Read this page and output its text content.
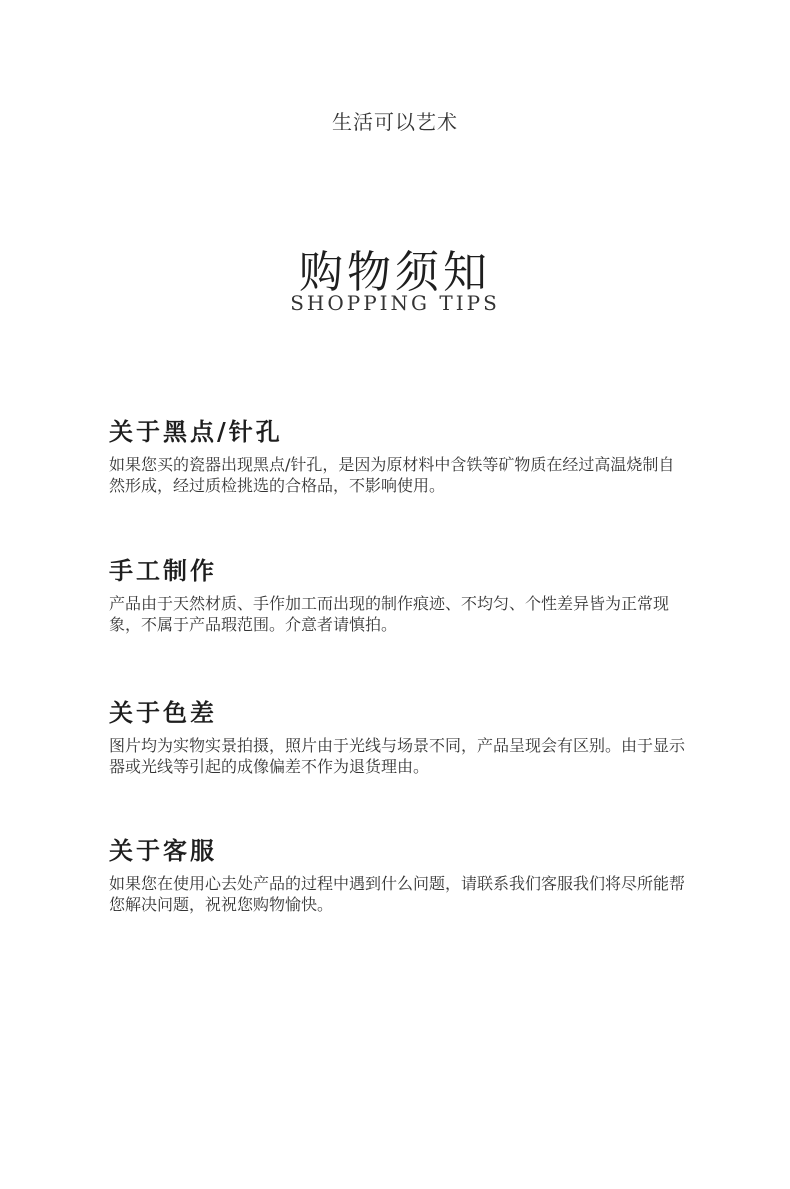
生活可以艺术
购物须知
SHOPPING TIPS
关于黑点/针孔

如果您买的瓷器出现黑点/针孔，是因为原材料中含铁等矿物质在经过高温烧制自然形成，经过质检挑选的合格品，不影响使用。

手工制作

产品由于天然材质、手作加工而出现的制作痕迹、不均匀、个性差异皆为正常现象，不属于产品瑕范围。介意者请慎拍。

关于色差

图片均为实物实景拍摄，照片由于光线与场景不同，产品呈现会有区别。由于显示器或光线等引起的成像偏差不作为退货理由。

关于客服

如果您在使用心去处产品的过程中遇到什么问题，请联系我们客服我们将尽所能帮您解决问题，祝祝您购物愉快。
